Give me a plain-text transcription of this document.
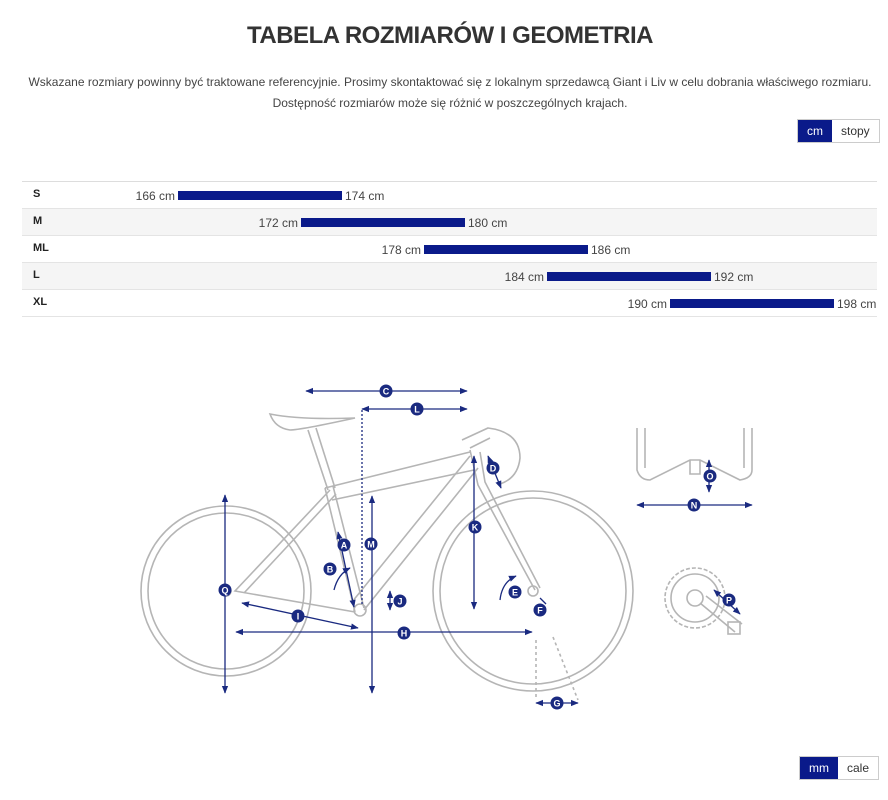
TABELA ROZMIARÓW I GEOMETRIA
Wskazane rozmiary powinny być traktowane referencyjnie. Prosimy skontaktować się z lokalnym sprzedawcą Giant i Liv w celu dobrania właściwego rozmiaru.
Dostępność rozmiarów może się różnić w poszczególnych krajach.
cm	stopy
S	166 cm	174 cm
M	172 cm	180 cm
ML	178 cm	186 cm
L	184 cm	192 cm
XL	190 cm	198 cm
A
B
C
D
E
F
G
H
I
J
K
L
M
N
O
P
Q
mm	cale
